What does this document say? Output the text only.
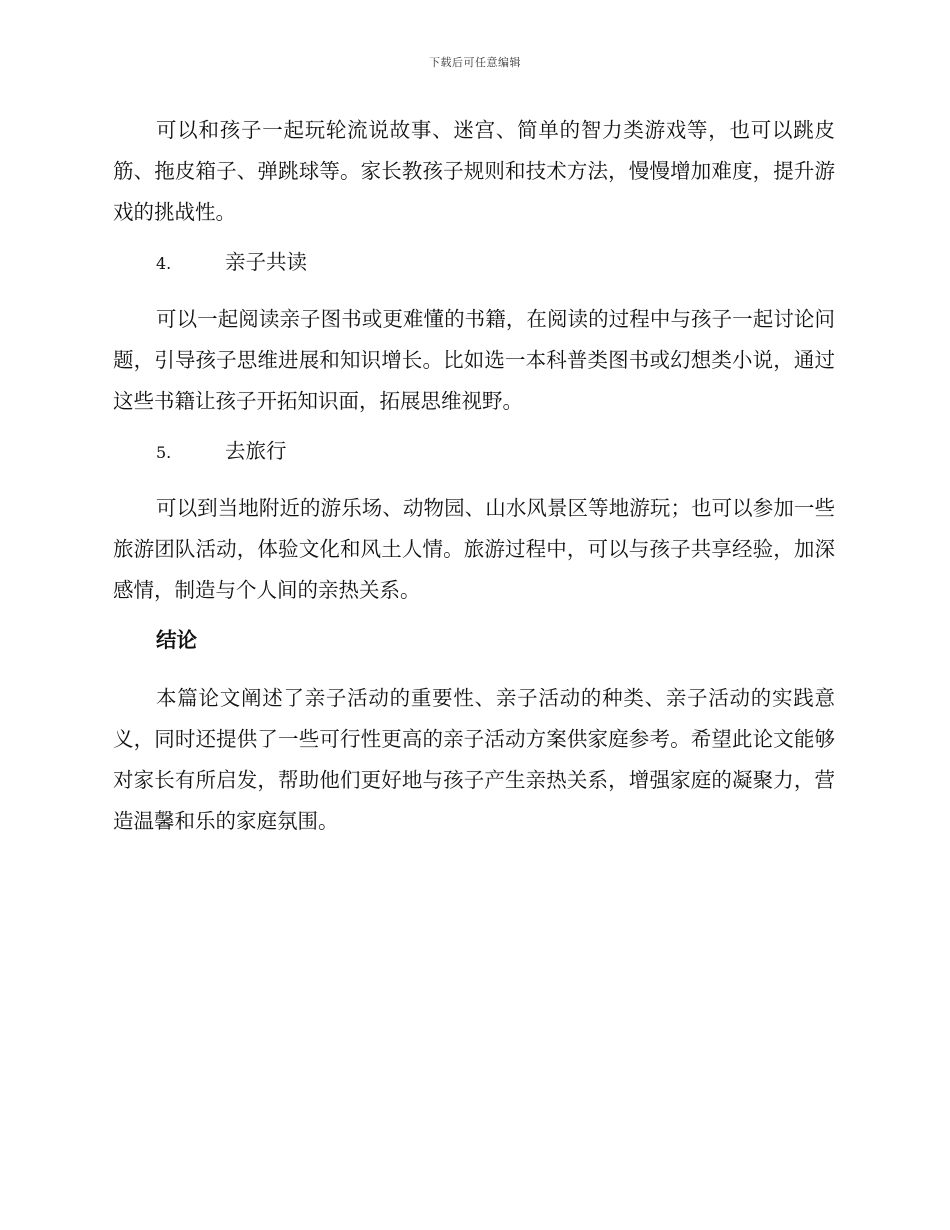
下载后可任意编辑

可以和孩子一起玩轮流说故事、迷宫、简单的智力类游戏等，也可以跳皮筋、拖皮箱子、弹跳球等。家长教孩子规则和技术方法，慢慢增加难度，提升游戏的挑战性。

4.	亲子共读

可以一起阅读亲子图书或更难懂的书籍，在阅读的过程中与孩子一起讨论问题，引导孩子思维进展和知识增长。比如选一本科普类图书或幻想类小说，通过这些书籍让孩子开拓知识面，拓展思维视野。

5.	去旅行

可以到当地附近的游乐场、动物园、山水风景区等地游玩；也可以参加一些旅游团队活动，体验文化和风土人情。旅游过程中，可以与孩子共享经验，加深感情，制造与个人间的亲热关系。

结论

本篇论文阐述了亲子活动的重要性、亲子活动的种类、亲子活动的实践意义，同时还提供了一些可行性更高的亲子活动方案供家庭参考。希望此论文能够对家长有所启发，帮助他们更好地与孩子产生亲热关系，增强家庭的凝聚力，营造温馨和乐的家庭氛围。
